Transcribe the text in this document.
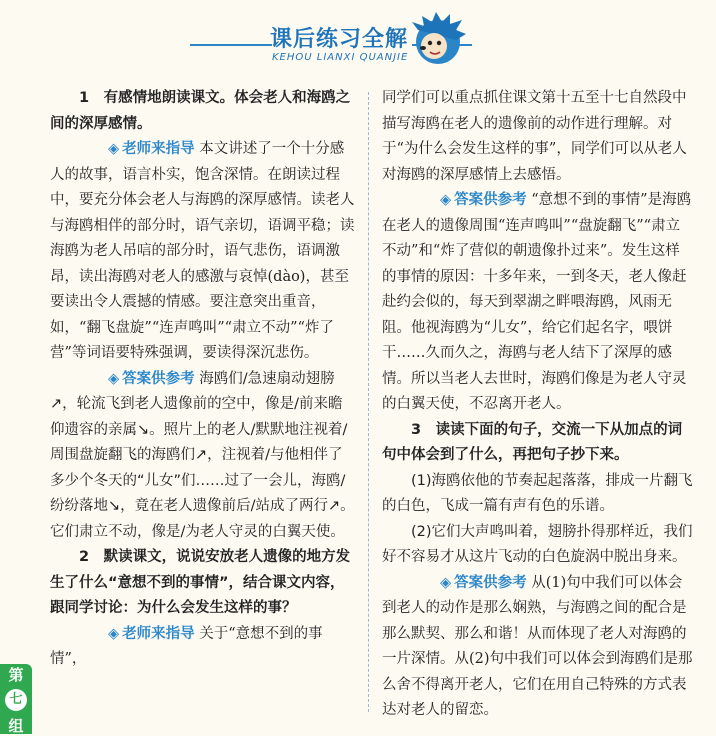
课后练习全解
KEHOU LIANXI QUANJIE

1　有感情地朗读课文。体会老人和海鸥之间的深厚感情。

◈ 老师来指导 本文讲述了一个十分感人的故事，语言朴实，饱含深情。在朗读过程中，要充分体会老人与海鸥的深厚感情。读老人与海鸥相伴的部分时，语气亲切，语调平稳；读海鸥为老人吊唁的部分时，语气悲伤，语调激昂，读出海鸥对老人的感激与哀悼(dào)，甚至要读出令人震撼的情感。要注意突出重音，如，“翻飞盘旋”“连声鸣叫”“肃立不动”“炸了营”等词语要特殊强调，要读得深沉悲伤。

◈ 答案供参考 海鸥们/急速扇动翅膀↗，轮流飞到老人遗像前的空中，像是/前来瞻仰遗容的亲属↘。照片上的老人/默默地注视着/周围盘旋翻飞的海鸥们↗，注视着/与他相伴了多少个冬天的“儿女”们……过了一会儿，海鸥/纷纷落地↘，竟在老人遗像前后/站成了两行↗。它们肃立不动，像是/为老人守灵的白翼天使。

2　默读课文，说说安放老人遗像的地方发生了什么“意想不到的事情”，结合课文内容，跟同学讨论：为什么会发生这样的事？

◈ 老师来指导 关于“意想不到的事情”，

同学们可以重点抓住课文第十五至十七自然段中描写海鸥在老人的遗像前的动作进行理解。对于“为什么会发生这样的事”，同学们可以从老人对海鸥的深厚感情上去感悟。

◈ 答案供参考 “意想不到的事情”是海鸥在老人的遗像周围“连声鸣叫”“盘旋翻飞”“肃立不动”和“炸了营似的朝遗像扑过来”。发生这样的事情的原因：十多年来，一到冬天，老人像赶赴约会似的，每天到翠湖之畔喂海鸥，风雨无阻。他视海鸥为“儿女”，给它们起名字，喂饼干……久而久之，海鸥与老人结下了深厚的感情。所以当老人去世时，海鸥们像是为老人守灵的白翼天使，不忍离开老人。

3　读读下面的句子，交流一下从加点的词句中体会到了什么，再把句子抄下来。

(1)海鸥依他的节奏起起落落，排成一片翻飞的白色，飞成一篇有声有色的乐谱。

(2)它们大声鸣叫着，翅膀扑得那样近，我们好不容易才从这片飞动的白色旋涡中脱出身来。

◈ 答案供参考 从(1)句中我们可以体会到老人的动作是那么娴熟，与海鸥之间的配合是那么默契、那么和谐！从而体现了老人对海鸥的一片深情。从(2)句中我们可以体会到海鸥们是那么舍不得离开老人，它们在用自己特殊的方式表达对老人的留恋。

第
七
组
